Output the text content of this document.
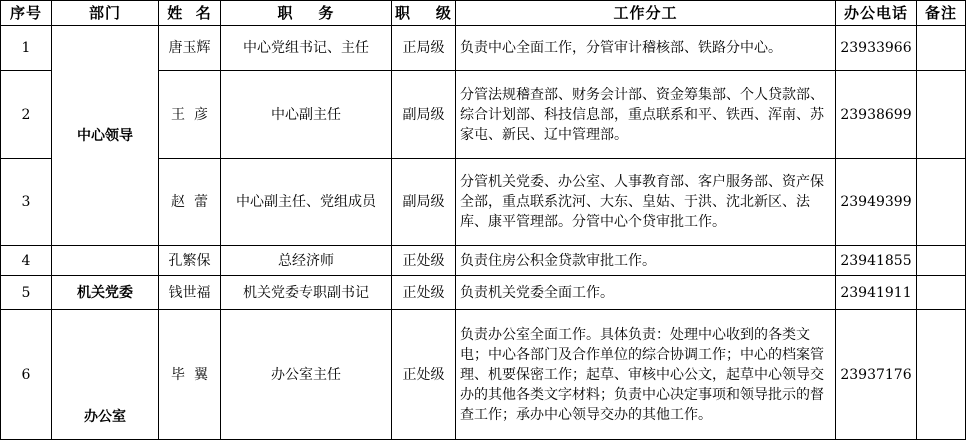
序号	部门	姓  名	职    务	职    级	工作分工	办公电话	备注
1	中心领导	唐玉辉	中心党组书记、主任	正局级	负责中心全面工作，分管审计稽核部、铁路分中心。	23933966	
2		王  彦	中心副主任	副局级	分管法规稽查部、财务会计部、资金筹集部、个人贷款部、综合计划部、科技信息部，重点联系和平、铁西、浑南、苏家屯、新民、辽中管理部。	23938699	
3		赵  蕾	中心副主任、党组成员	副局级	分管机关党委、办公室、人事教育部、客户服务部、资产保全部，重点联系沈河、大东、皇姑、于洪、沈北新区、法库、康平管理部。分管中心个贷审批工作。	23949399	
4		孔繁保	总经济师	正处级	负责住房公积金贷款审批工作。	23941855	
5	机关党委	钱世福	机关党委专职副书记	正处级	负责机关党委全面工作。	23941911	
6	办公室	毕  翼	办公室主任	正处级	负责办公室全面工作。具体负责：处理中心收到的各类文电；中心各部门及合作单位的综合协调工作；中心的档案管理、机要保密工作；起草、审核中心公文，起草中心领导交办的其他各类文字材料；负责中心决定事项和领导批示的督查工作；承办中心领导交办的其他工作。	23937176	
